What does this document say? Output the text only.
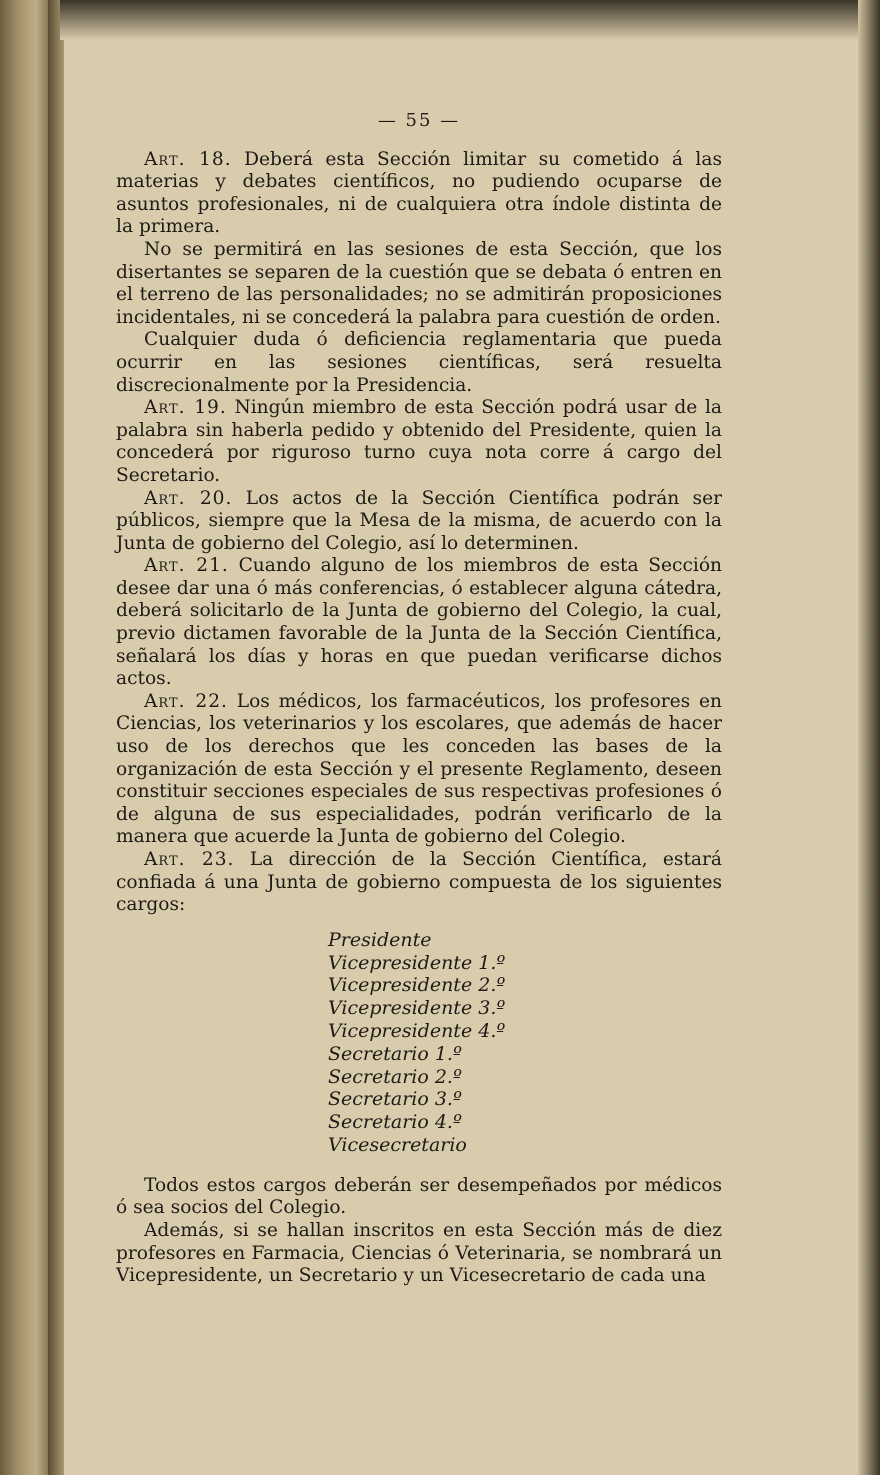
— 55 —

Art. 18. Deberá esta Sección limitar su cometido á las materias y debates científicos, no pudiendo ocuparse de asuntos profesionales, ni de cualquiera otra índole distinta de la primera.

No se permitirá en las sesiones de esta Sección, que los disertantes se separen de la cuestión que se debata ó entren en el terreno de las personalidades; no se admitirán proposiciones incidentales, ni se concederá la palabra para cuestión de orden.

Cualquier duda ó deficiencia reglamentaria que pueda ocurrir en las sesiones científicas, será resuelta discrecionalmente por la Presidencia.

Art. 19. Ningún miembro de esta Sección podrá usar de la palabra sin haberla pedido y obtenido del Presidente, quien la concederá por riguroso turno cuya nota corre á cargo del Secretario.

Art. 20. Los actos de la Sección Científica podrán ser públicos, siempre que la Mesa de la misma, de acuerdo con la Junta de gobierno del Colegio, así lo determinen.

Art. 21. Cuando alguno de los miembros de esta Sección desee dar una ó más conferencias, ó establecer alguna cátedra, deberá solicitarlo de la Junta de gobierno del Colegio, la cual, previo dictamen favorable de la Junta de la Sección Científica, señalará los días y horas en que puedan verificarse dichos actos.

Art. 22. Los médicos, los farmacéuticos, los profesores en Ciencias, los veterinarios y los escolares, que además de hacer uso de los derechos que les conceden las bases de la organización de esta Sección y el presente Reglamento, deseen constituir secciones especiales de sus respectivas profesiones ó de alguna de sus especialidades, podrán verificarlo de la manera que acuerde la Junta de gobierno del Colegio.

Art. 23. La dirección de la Sección Científica, estará confiada á una Junta de gobierno compuesta de los siguientes cargos:

Presidente
Vicepresidente 1.º
Vicepresidente 2.º
Vicepresidente 3.º
Vicepresidente 4.º
Secretario 1.º
Secretario 2.º
Secretario 3.º
Secretario 4.º
Vicesecretario

Todos estos cargos deberán ser desempeñados por médicos ó sea socios del Colegio.

Además, si se hallan inscritos en esta Sección más de diez profesores en Farmacia, Ciencias ó Veterinaria, se nombrará un Vicepresidente, un Secretario y un Vicesecretario de cada una
